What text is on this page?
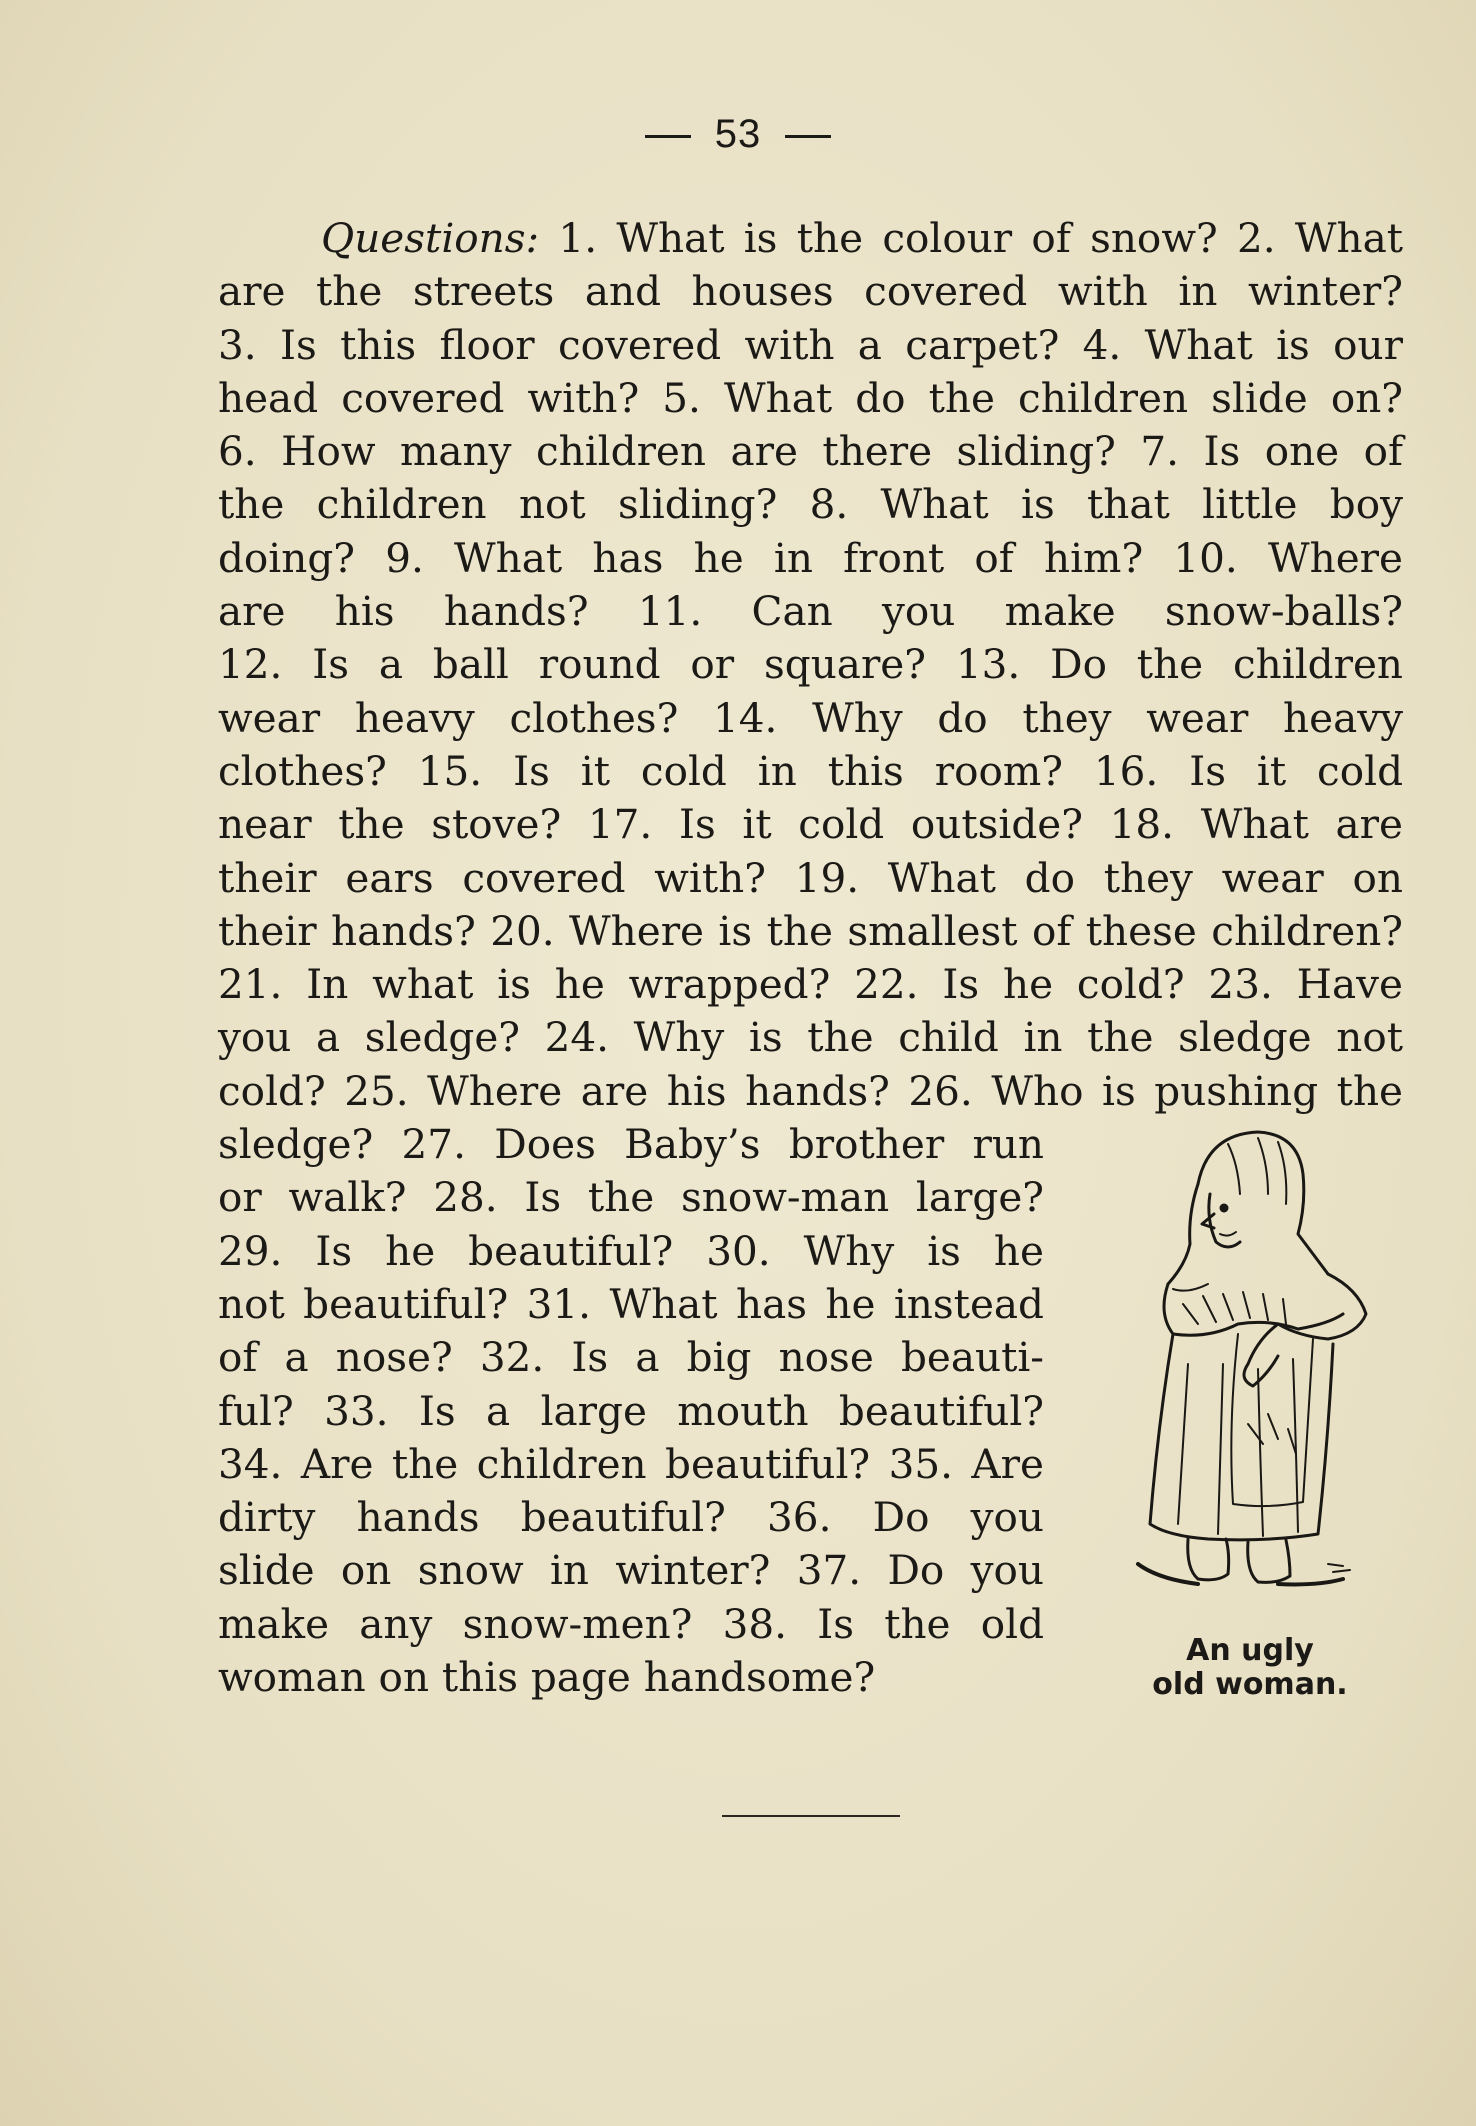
53
Questions: 1. What is the colour of snow? 2. What
are the streets and houses covered with in winter?
3. Is this floor covered with a carpet? 4. What is our
head covered with? 5. What do the children slide on?
6. How many children are there sliding? 7. Is one of
the children not sliding? 8. What is that little boy
doing? 9. What has he in front of him? 10. Where
are his hands? 11. Can you make snow-balls?
12. Is a ball round or square? 13. Do the children
wear heavy clothes? 14. Why do they wear heavy
clothes? 15. Is it cold in this room? 16. Is it cold
near the stove? 17. Is it cold outside? 18. What are
their ears covered with? 19. What do they wear on
their hands? 20. Where is the smallest of these children?
21. In what is he wrapped? 22. Is he cold? 23. Have
you a sledge? 24. Why is the child in the sledge not
cold? 25. Where are his hands? 26. Who is pushing the
sledge? 27. Does Baby’s brother run
or walk? 28. Is the snow-man large?
29. Is he beautiful? 30. Why is he
not beautiful? 31. What has he instead
of a nose? 32. Is a big nose beauti-
ful? 33. Is a large mouth beautiful?
34. Are the children beautiful? 35. Are
dirty hands beautiful? 36. Do you
slide on snow in winter? 37. Do you
make any snow-men? 38. Is the old
woman on this page handsome?
An ugly
old woman.
